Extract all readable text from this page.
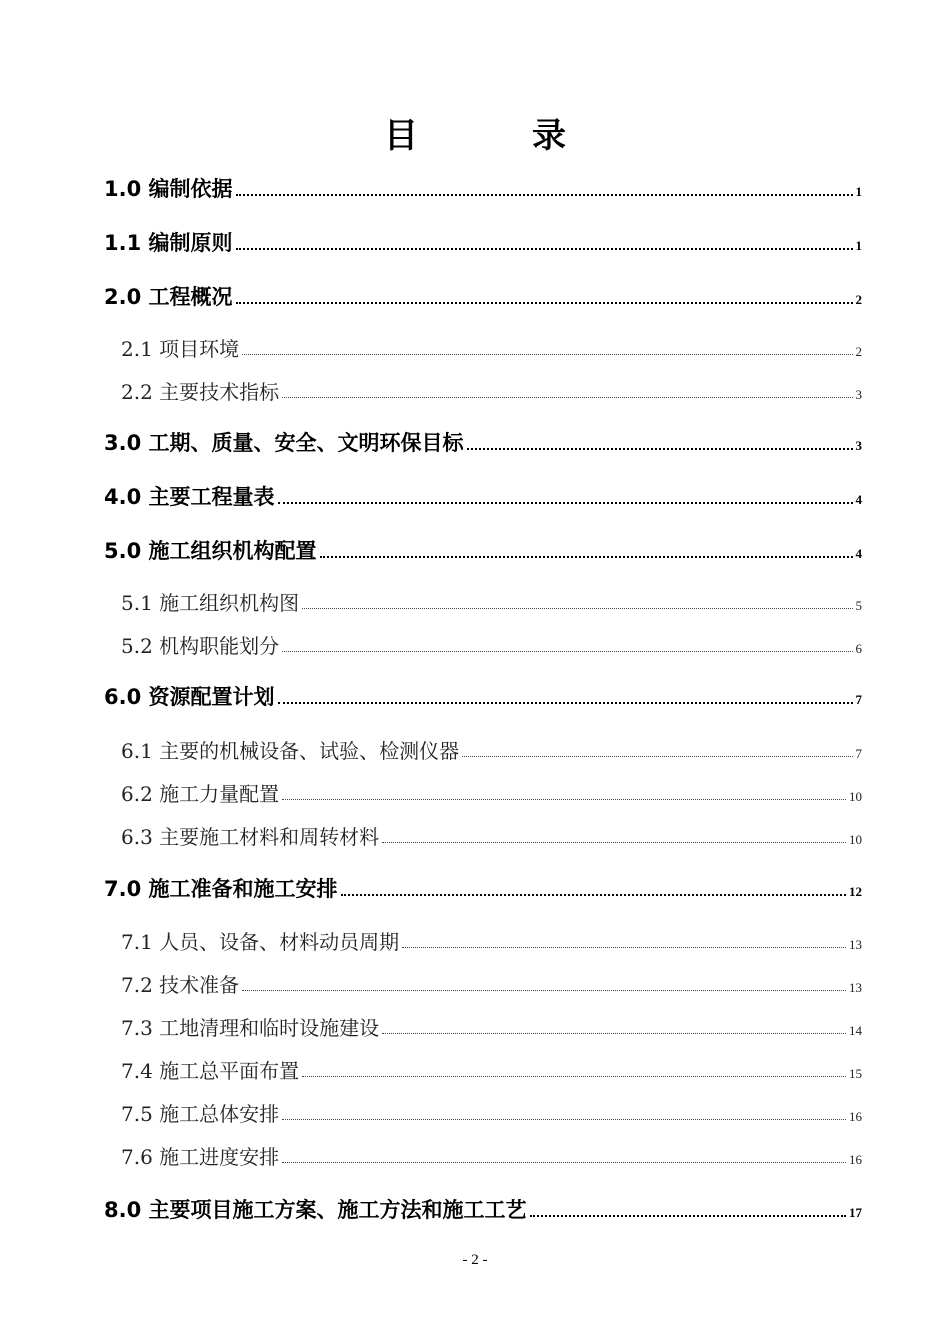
目　录
1.0 编制依据	1
1.1 编制原则	1
2.0 工程概况	2
2.1 项目环境	2
2.2 主要技术指标	3
3.0 工期、质量、安全、文明环保目标	3
4.0 主要工程量表	4
5.0 施工组织机构配置	4
5.1 施工组织机构图	5
5.2 机构职能划分	6
6.0 资源配置计划	7
6.1 主要的机械设备、试验、检测仪器	7
6.2 施工力量配置	10
6.3 主要施工材料和周转材料	10
7.0 施工准备和施工安排	12
7.1 人员、设备、材料动员周期	13
7.2 技术准备	13
7.3 工地清理和临时设施建设	14
7.4 施工总平面布置	15
7.5 施工总体安排	16
7.6 施工进度安排	16
8.0 主要项目施工方案、施工方法和施工工艺	17
- 2 -
